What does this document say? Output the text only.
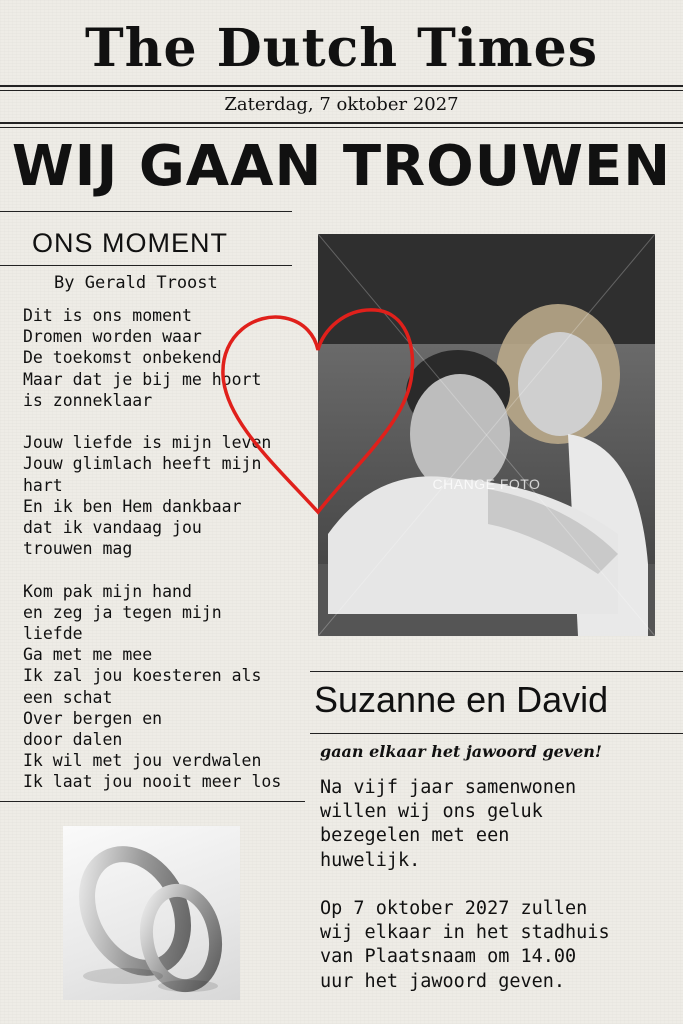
The Dutch Times
Zaterdag, 7 oktober 2027
WIJ GAAN TROUWEN
ONS MOMENT
By Gerald Troost
Dit is ons moment
Dromen worden waar
De toekomst onbekend
Maar dat je bij me hoort
is zonneklaar
Jouw liefde is mijn leven
Jouw glimlach heeft mijn
hart
En ik ben Hem dankbaar
dat ik vandaag jou
trouwen mag
Kom pak mijn hand
en zeg ja tegen mijn
liefde
Ga met me mee
Ik zal jou koesteren als
een schat
Over bergen en
door dalen
Ik wil met jou verdwalen
Ik laat jou nooit meer los
CHANGE FOTO
Suzanne en David
gaan elkaar het jawoord geven!
Na vijf jaar samenwonen
willen wij ons geluk
bezegelen met een
huwelijk.
Op 7 oktober 2027 zullen
wij elkaar in het stadhuis
van Plaatsnaam om 14.00
uur het jawoord geven.
